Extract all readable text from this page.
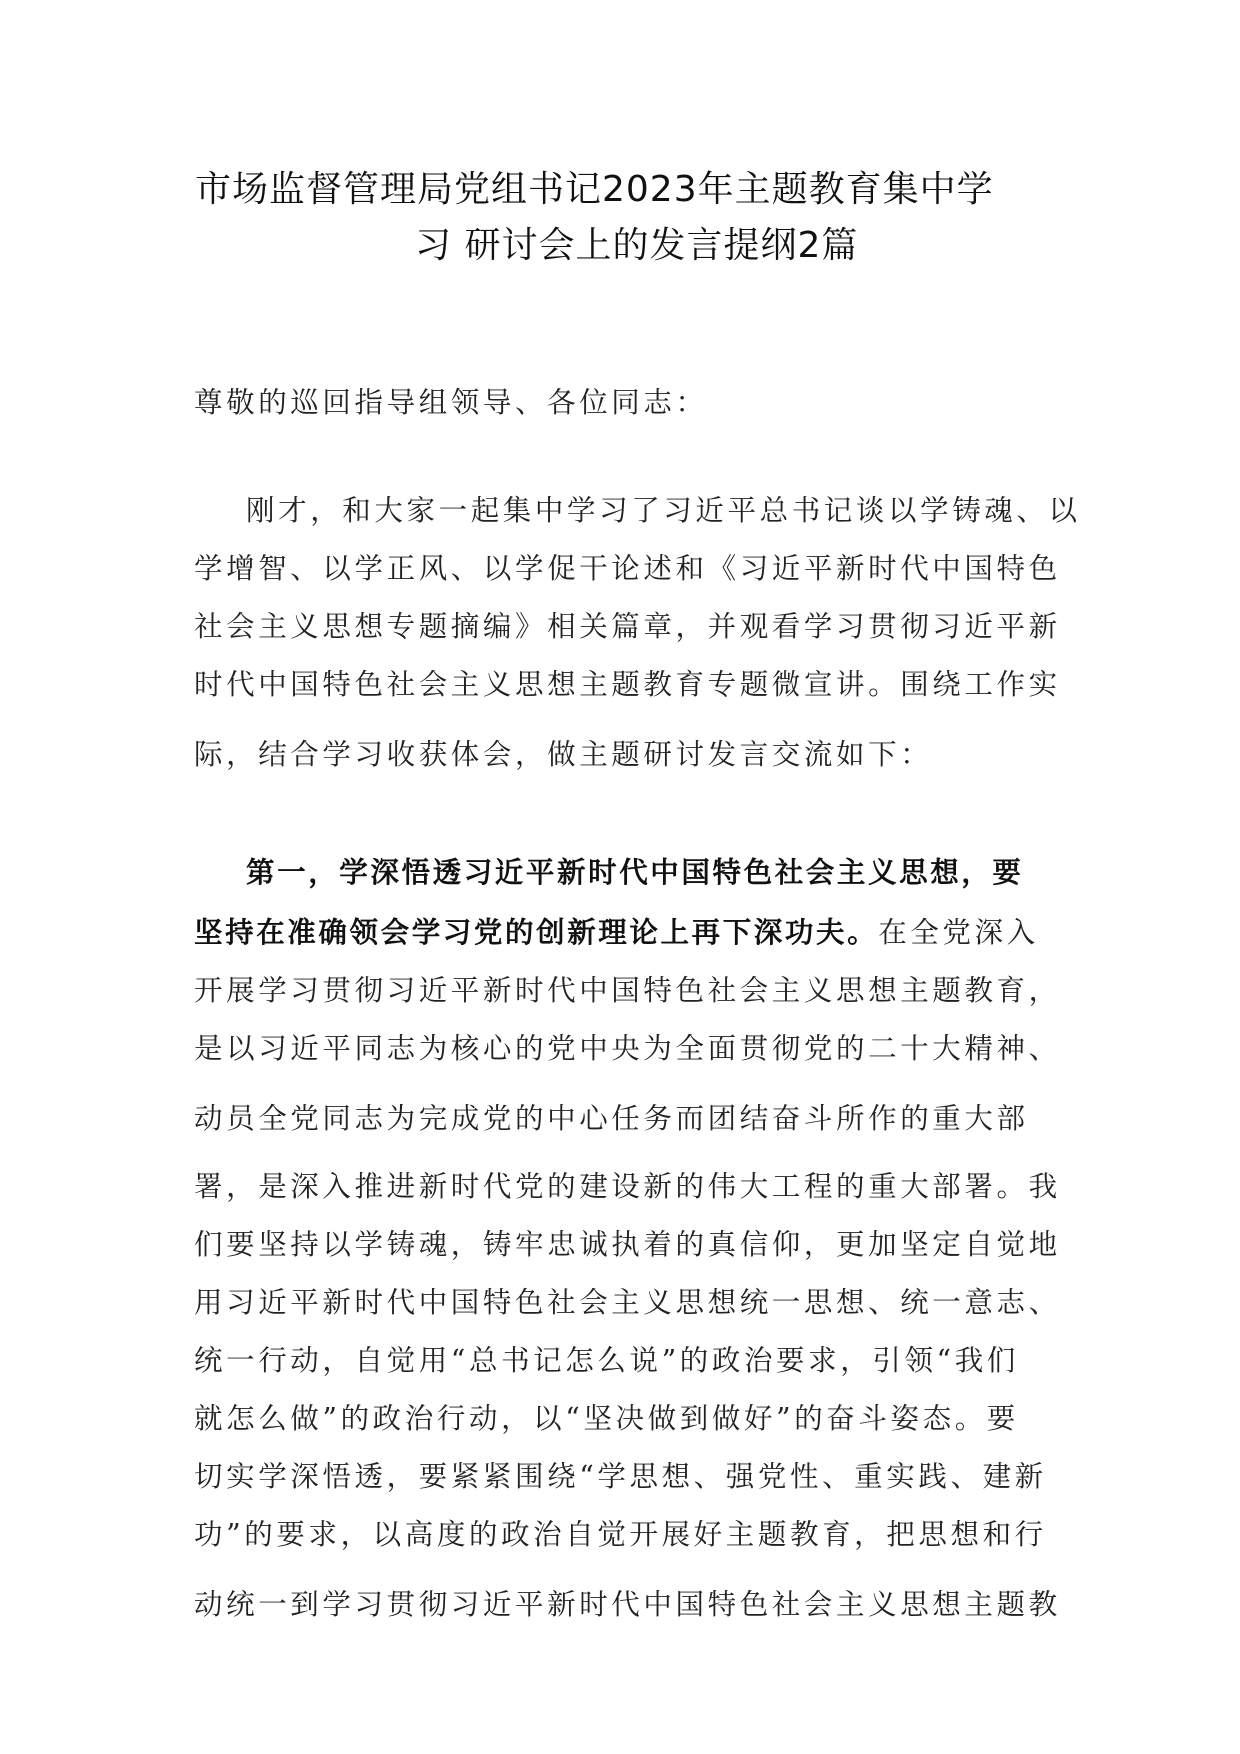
市场监督管理局党组书记2023年主题教育集中学
习 研讨会上的发言提纲2篇
尊敬的巡回指导组领导、各位同志：
刚才，和大家一起集中学习了习近平总书记谈以学铸魂、以
学增智、以学正风、以学促干论述和《习近平新时代中国特色
社会主义思想专题摘编》相关篇章，并观看学习贯彻习近平新
时代中国特色社会主义思想主题教育专题微宣讲。围绕工作实
际，结合学习收获体会，做主题研讨发言交流如下：
第一，学深悟透习近平新时代中国特色社会主义思想，要
坚持在准确领会学习党的创新理论上再下深功夫。在全党深入
开展学习贯彻习近平新时代中国特色社会主义思想主题教育，
是以习近平同志为核心的党中央为全面贯彻党的二十大精神、
动员全党同志为完成党的中心任务而团结奋斗所作的重大部
署，是深入推进新时代党的建设新的伟大工程的重大部署。我
们要坚持以学铸魂，铸牢忠诚执着的真信仰，更加坚定自觉地
用习近平新时代中国特色社会主义思想统一思想、统一意志、
统一行动，自觉用“总书记怎么说”的政治要求，引领“我们
就怎么做”的政治行动，以“坚决做到做好”的奋斗姿态。要
切实学深悟透，要紧紧围绕“学思想、强党性、重实践、建新
功”的要求，以高度的政治自觉开展好主题教育，把思想和行
动统一到学习贯彻习近平新时代中国特色社会主义思想主题教
